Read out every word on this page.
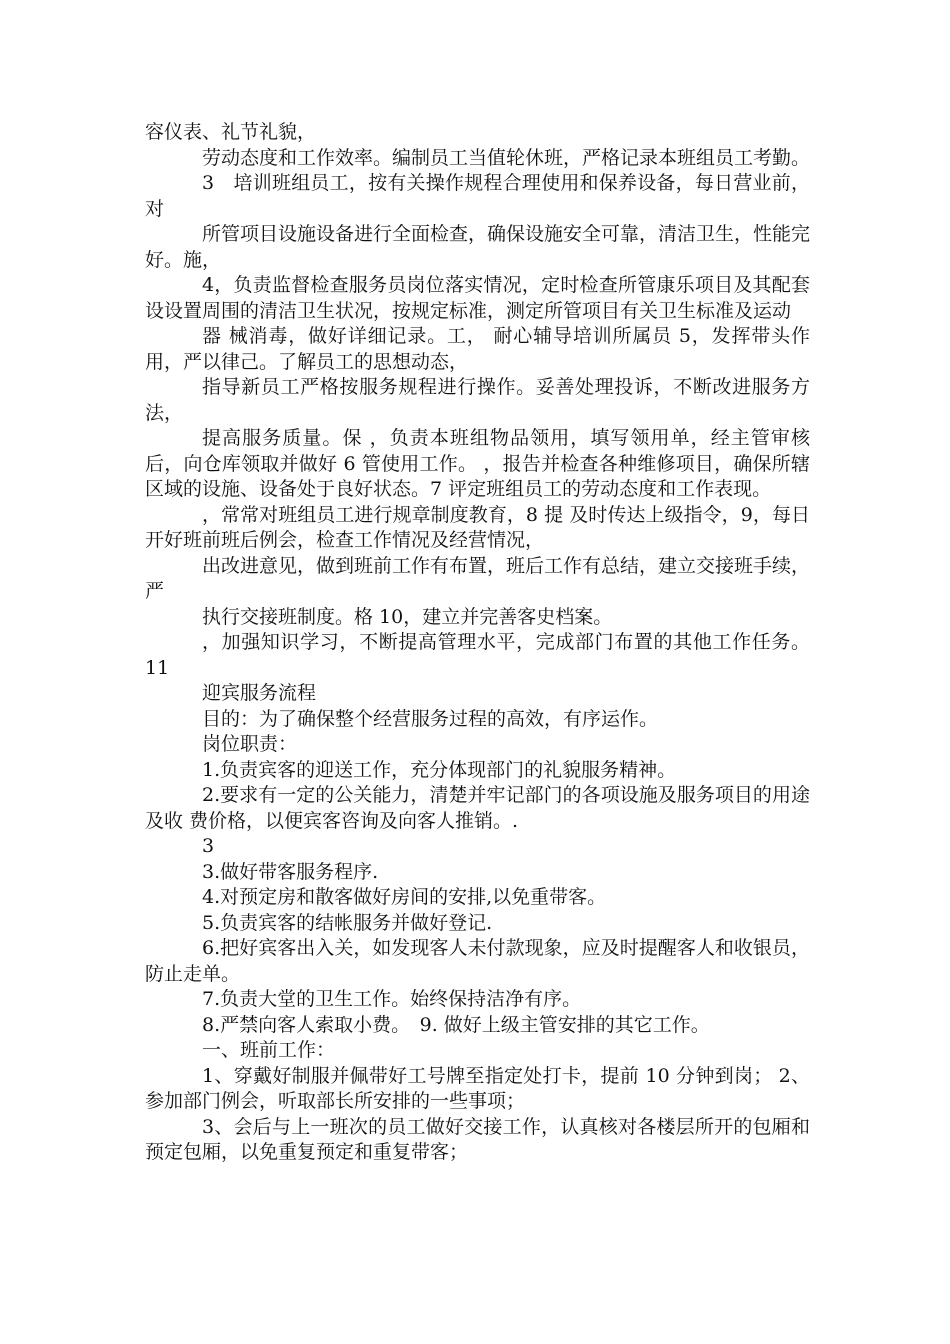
容仪表、礼节礼貌，

劳动态度和工作效率。编制员工当值轮休班，严格记录本班组员工考勤。

3　培训班组员工，按有关操作规程合理使用和保养设备，每日营业前，对

所管项目设施设备进行全面检查，确保设施安全可靠，清洁卫生，性能完好。施，

4，负责监督检查服务员岗位落实情况，定时检查所管康乐项目及其配套设设置周围的清洁卫生状况，按规定标准，测定所管项目有关卫生标准及运动

器 械消毒，做好详细记录。工， 耐心辅导培训所属员 5，发挥带头作用，严以律己。了解员工的思想动态，

指导新员工严格按服务规程进行操作。妥善处理投诉，不断改进服务方法，

提高服务质量。保 ，负责本班组物品领用，填写领用单，经主管审核后，向仓库领取并做好 6 管使用工作。 ，报告并检查各种维修项目，确保所辖区域的设施、设备处于良好状态。7 评定班组员工的劳动态度和工作表现。

，常常对班组员工进行规章制度教育，8 提 及时传达上级指令，9，每日开好班前班后例会，检查工作情况及经营情况，

出改进意见，做到班前工作有布置，班后工作有总结，建立交接班手续，严

执行交接班制度。格 10，建立并完善客史档案。

，加强知识学习，不断提高管理水平，完成部门布置的其他工作任务。11

迎宾服务流程

目的：为了确保整个经营服务过程的高效，有序运作。

岗位职责：

1.负责宾客的迎送工作，充分体现部门的礼貌服务精神。

2.要求有一定的公关能力，清楚并牢记部门的各项设施及服务项目的用途及收 费价格，以便宾客咨询及向客人推销。.

3

3.做好带客服务程序.

4.对预定房和散客做好房间的安排,以免重带客。

5.负责宾客的结帐服务并做好登记.

6.把好宾客出入关，如发现客人未付款现象，应及时提醒客人和收银员，防止走单。

7.负责大堂的卫生工作。始终保持洁净有序。

8.严禁向客人索取小费。　9. 做好上级主管安排的其它工作。

一、班前工作：

1、穿戴好制服并佩带好工号牌至指定处打卡，提前 10 分钟到岗； 2、参加部门例会，听取部长所安排的一些事项；

3、会后与上一班次的员工做好交接工作，认真核对各楼层所开的包厢和预定包厢，以免重复预定和重复带客；
